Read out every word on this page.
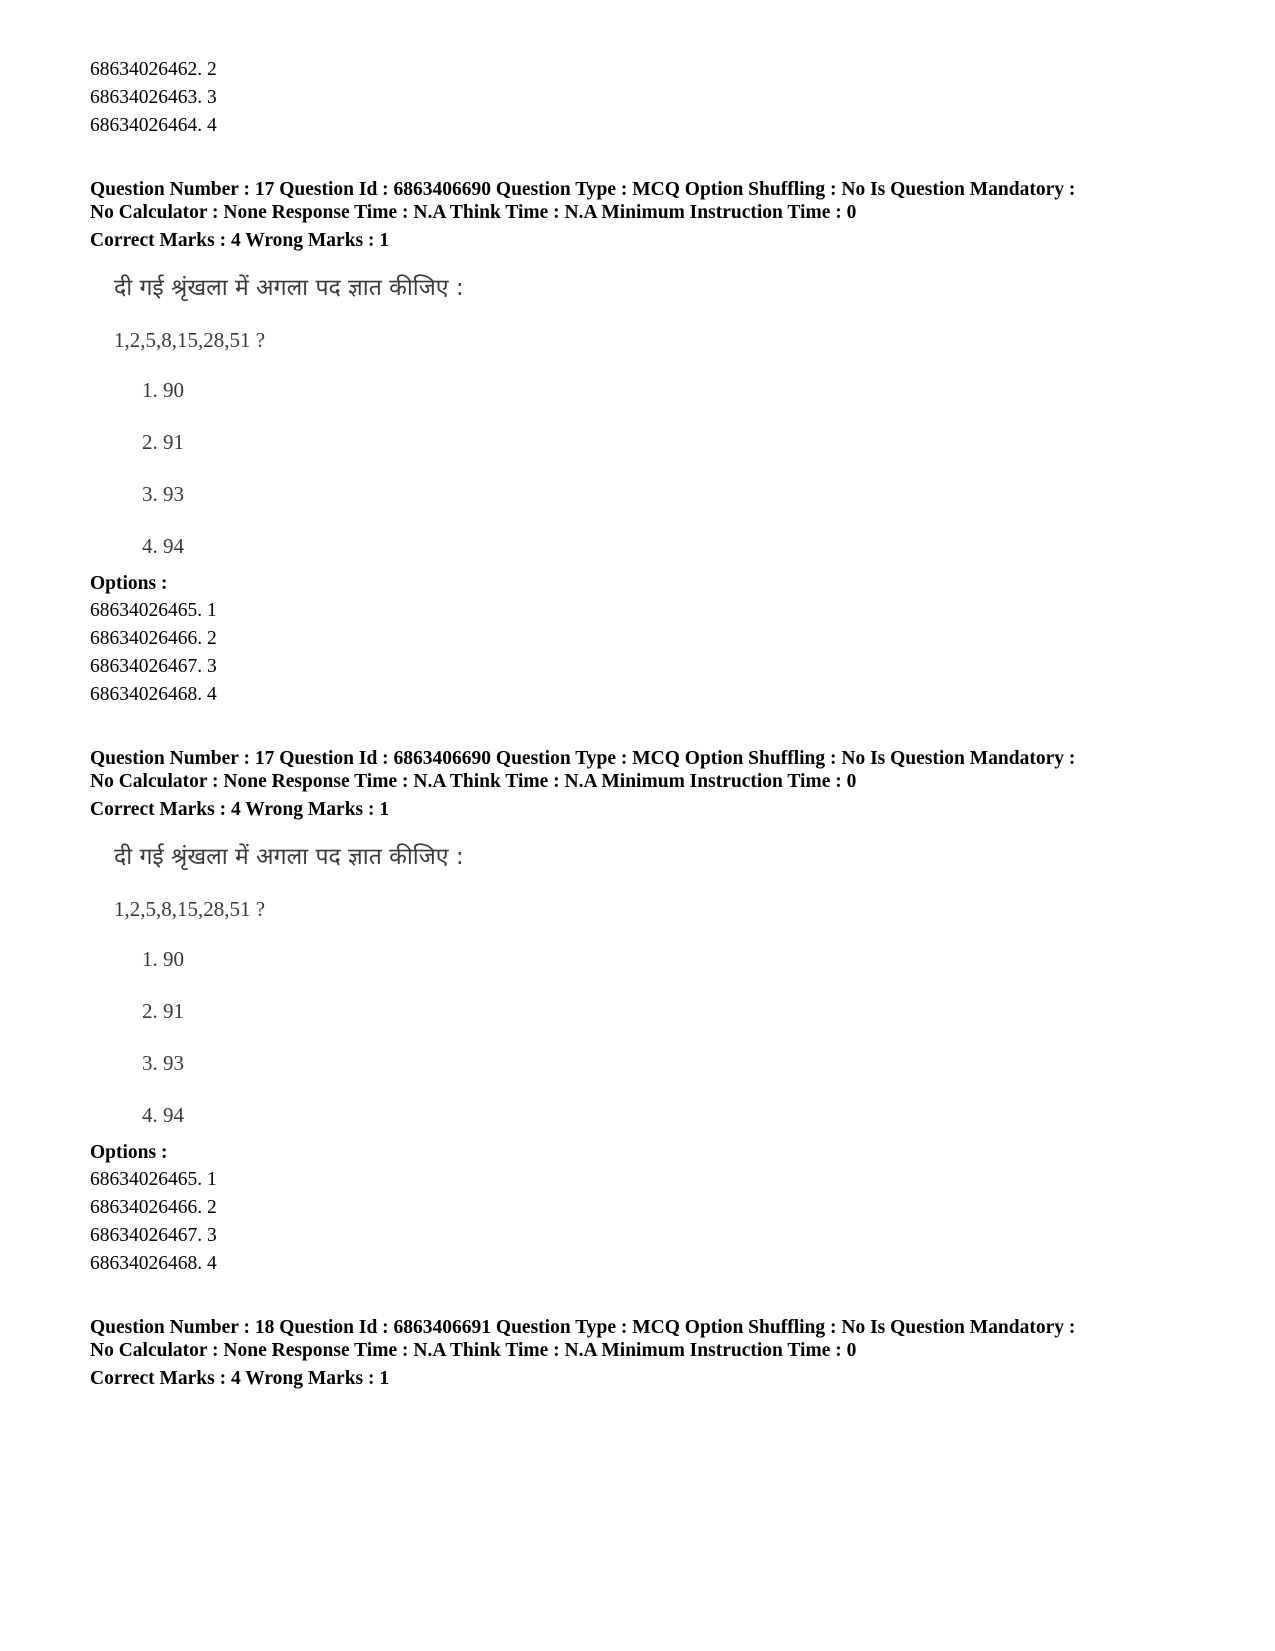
68634026462. 2
68634026463. 3
68634026464. 4
Question Number : 17 Question Id : 6863406690 Question Type : MCQ Option Shuffling : No Is Question Mandatory :
No Calculator : None Response Time : N.A Think Time : N.A Minimum Instruction Time : 0
Correct Marks : 4 Wrong Marks : 1
दी गई श्रृंखला में अगला पद ज्ञात कीजिए :
1,2,5,8,15,28,51 ?
1. 90
2. 91
3. 93
4. 94
Options :
68634026465. 1
68634026466. 2
68634026467. 3
68634026468. 4
Question Number : 17 Question Id : 6863406690 Question Type : MCQ Option Shuffling : No Is Question Mandatory :
No Calculator : None Response Time : N.A Think Time : N.A Minimum Instruction Time : 0
Correct Marks : 4 Wrong Marks : 1
दी गई श्रृंखला में अगला पद ज्ञात कीजिए :
1,2,5,8,15,28,51 ?
1. 90
2. 91
3. 93
4. 94
Options :
68634026465. 1
68634026466. 2
68634026467. 3
68634026468. 4
Question Number : 18 Question Id : 6863406691 Question Type : MCQ Option Shuffling : No Is Question Mandatory :
No Calculator : None Response Time : N.A Think Time : N.A Minimum Instruction Time : 0
Correct Marks : 4 Wrong Marks : 1
